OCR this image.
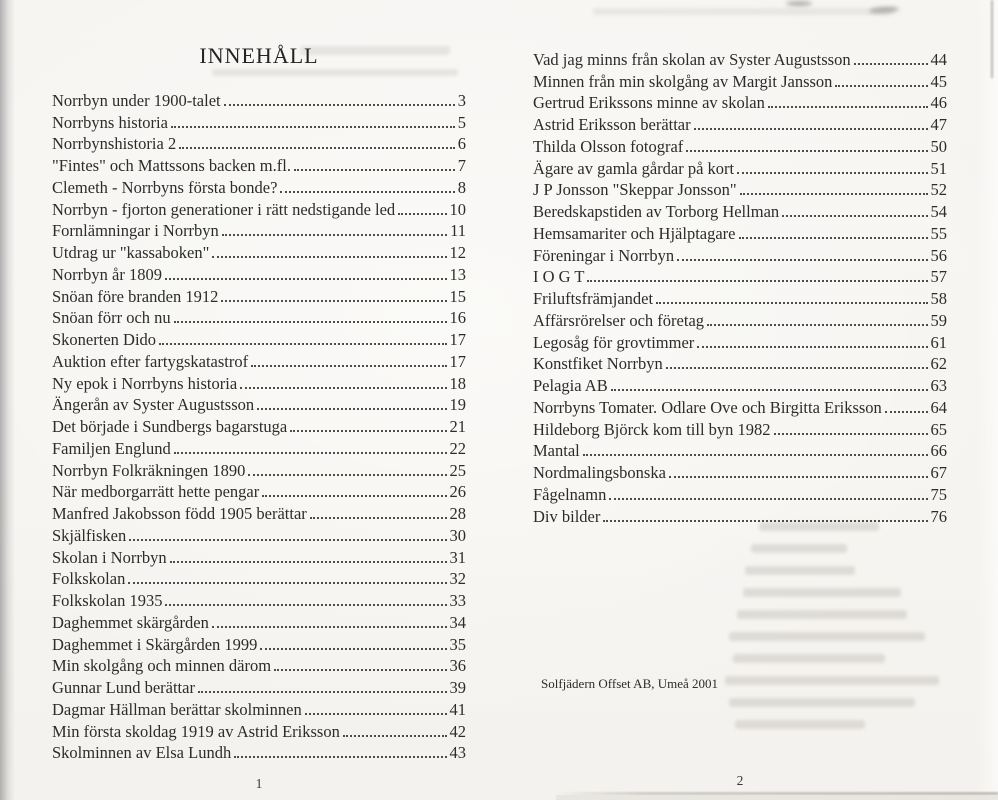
INNEHÅLL
Norrbyn under 1900-talet	3
Norrbyns historia	5
Norrbynshistoria 2	6
"Fintes" och Mattssons backen m.fl.	7
Clemeth - Norrbyns första bonde?	8
Norrbyn - fjorton generationer i rätt nedstigande led	10
Fornlämningar i Norrbyn	11
Utdrag ur "kassaboken"	12
Norrbyn år 1809	13
Snöan före branden 1912	15
Snöan förr och nu	16
Skonerten Dido	17
Auktion efter fartygskatastrof	17
Ny epok i Norrbyns historia	18
Ängerån av Syster Augustsson	19
Det började i Sundbergs bagarstuga	21
Familjen Englund	22
Norrbyn Folkräkningen 1890	25
När medborgarrätt hette pengar	26
Manfred Jakobsson född 1905 berättar	28
Skjälfisken	30
Skolan i Norrbyn	31
Folkskolan	32
Folkskolan 1935	33
Daghemmet skärgården	34
Daghemmet i Skärgården 1999	35
Min skolgång och minnen därom	36
Gunnar Lund berättar	39
Dagmar Hällman berättar skolminnen	41
Min första skoldag 1919 av Astrid Eriksson	42
Skolminnen av Elsa Lundh	43
Vad jag minns från skolan av Syster Augustsson	44
Minnen från min skolgång av Margit Jansson	45
Gertrud Erikssons minne av skolan	46
Astrid Eriksson berättar	47
Thilda Olsson fotograf	50
Ägare av gamla gårdar på kort	51
J P Jonsson "Skeppar Jonsson"	52
Beredskapstiden av Torborg Hellman	54
Hemsamariter och Hjälptagare	55
Föreningar i Norrbyn	56
I O G T	57
Friluftsfrämjandet	58
Affärsrörelser och företag	59
Legosåg för grovtimmer	61
Konstfiket Norrbyn	62
Pelagia AB	63
Norrbyns Tomater. Odlare Ove och Birgitta Eriksson	64
Hildeborg Björck kom till byn 1982	65
Mantal	66
Nordmalingsbonska	67
Fågelnamn	75
Div bilder	76
Solfjädern Offset AB, Umeå 2001
1	2
